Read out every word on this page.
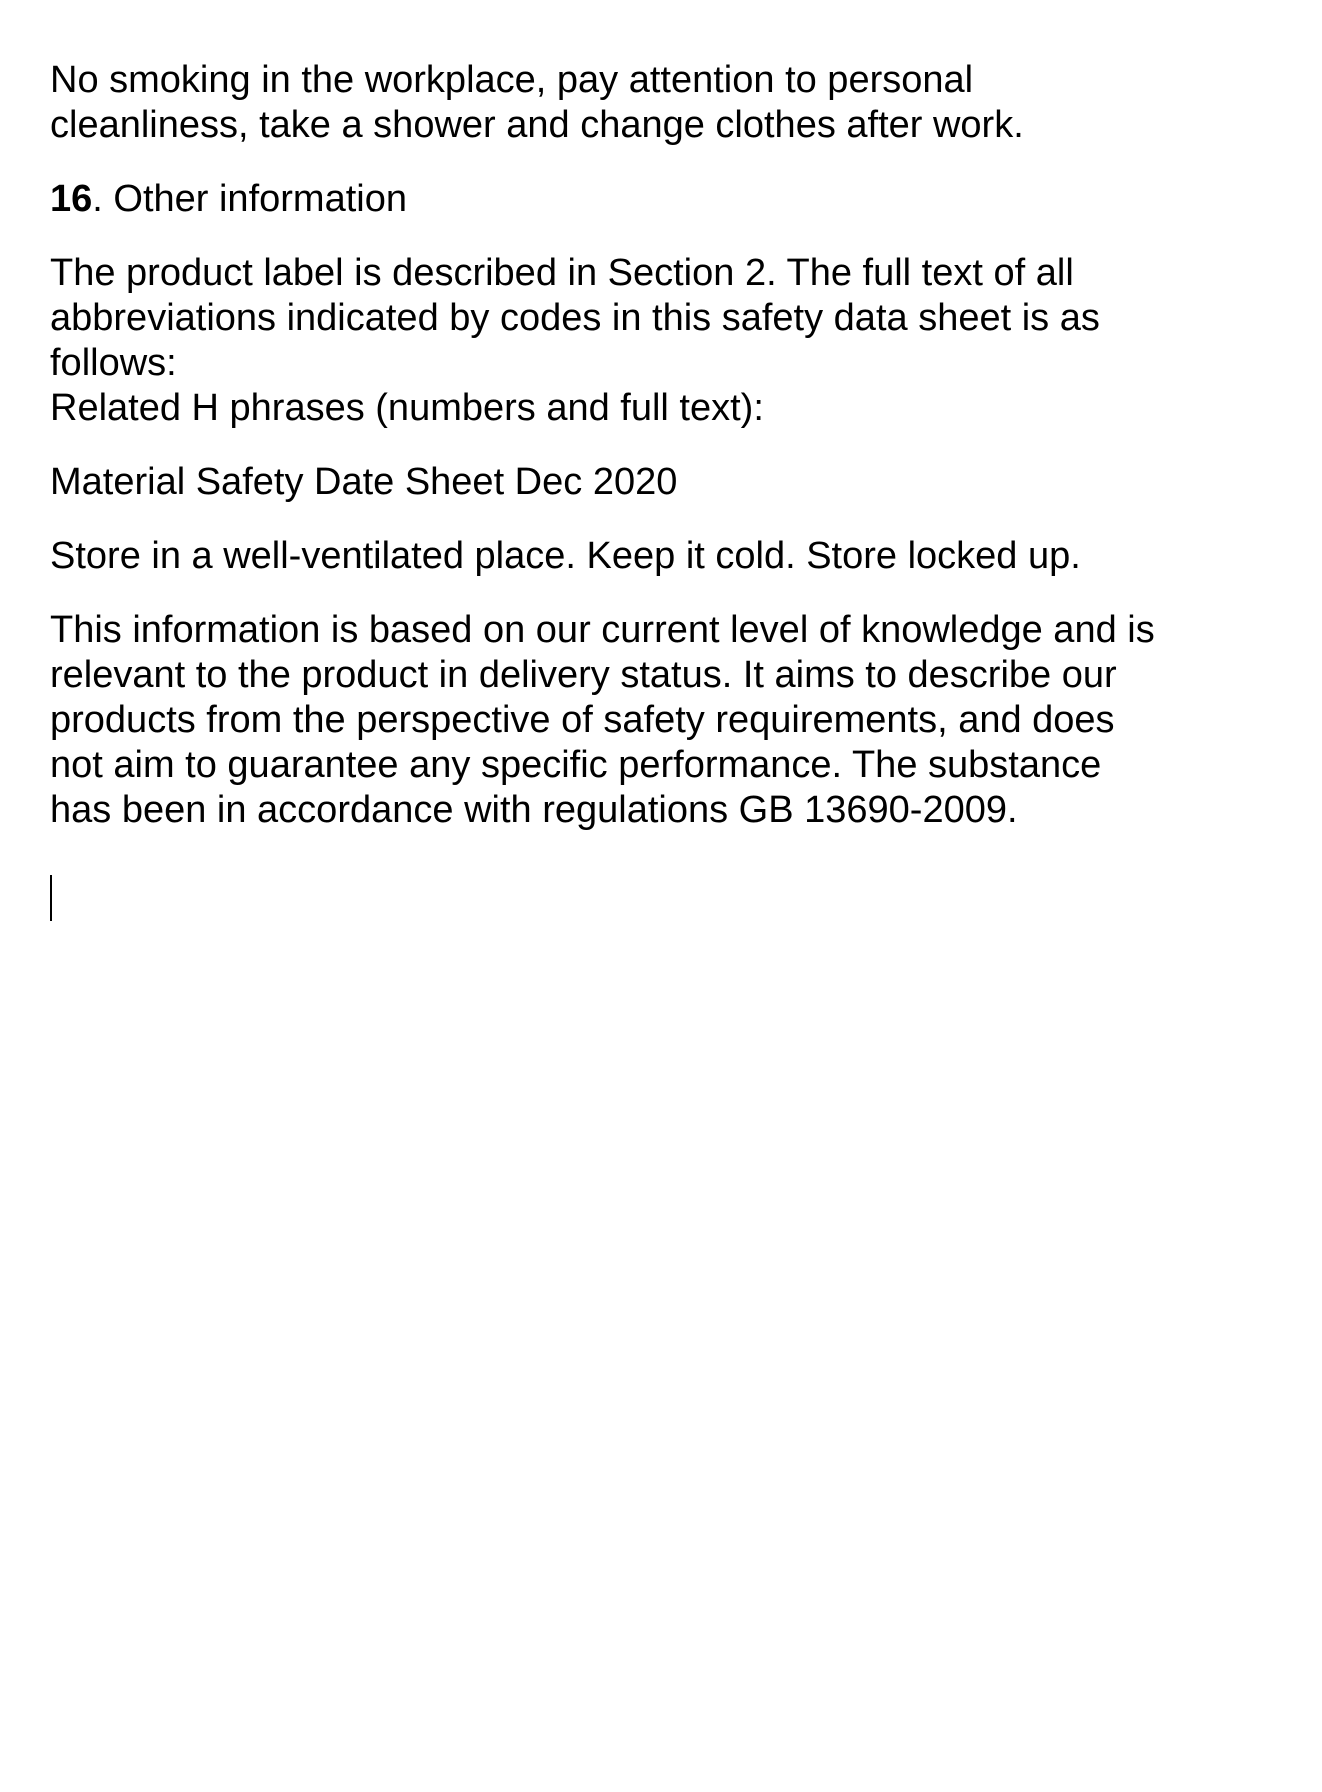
No smoking in the workplace, pay attention to personal
cleanliness, take a shower and change clothes after work.

16. Other information

The product label is described in Section 2. The full text of all
abbreviations indicated by codes in this safety data sheet is as
follows:
Related H phrases (numbers and full text):

Material Safety Date Sheet Dec 2020

Store in a well-ventilated place. Keep it cold. Store locked up.

This information is based on our current level of knowledge and is
relevant to the product in delivery status. It aims to describe our
products from the perspective of safety requirements, and does
not aim to guarantee any specific performance. The substance
has been in accordance with regulations GB 13690-2009.
